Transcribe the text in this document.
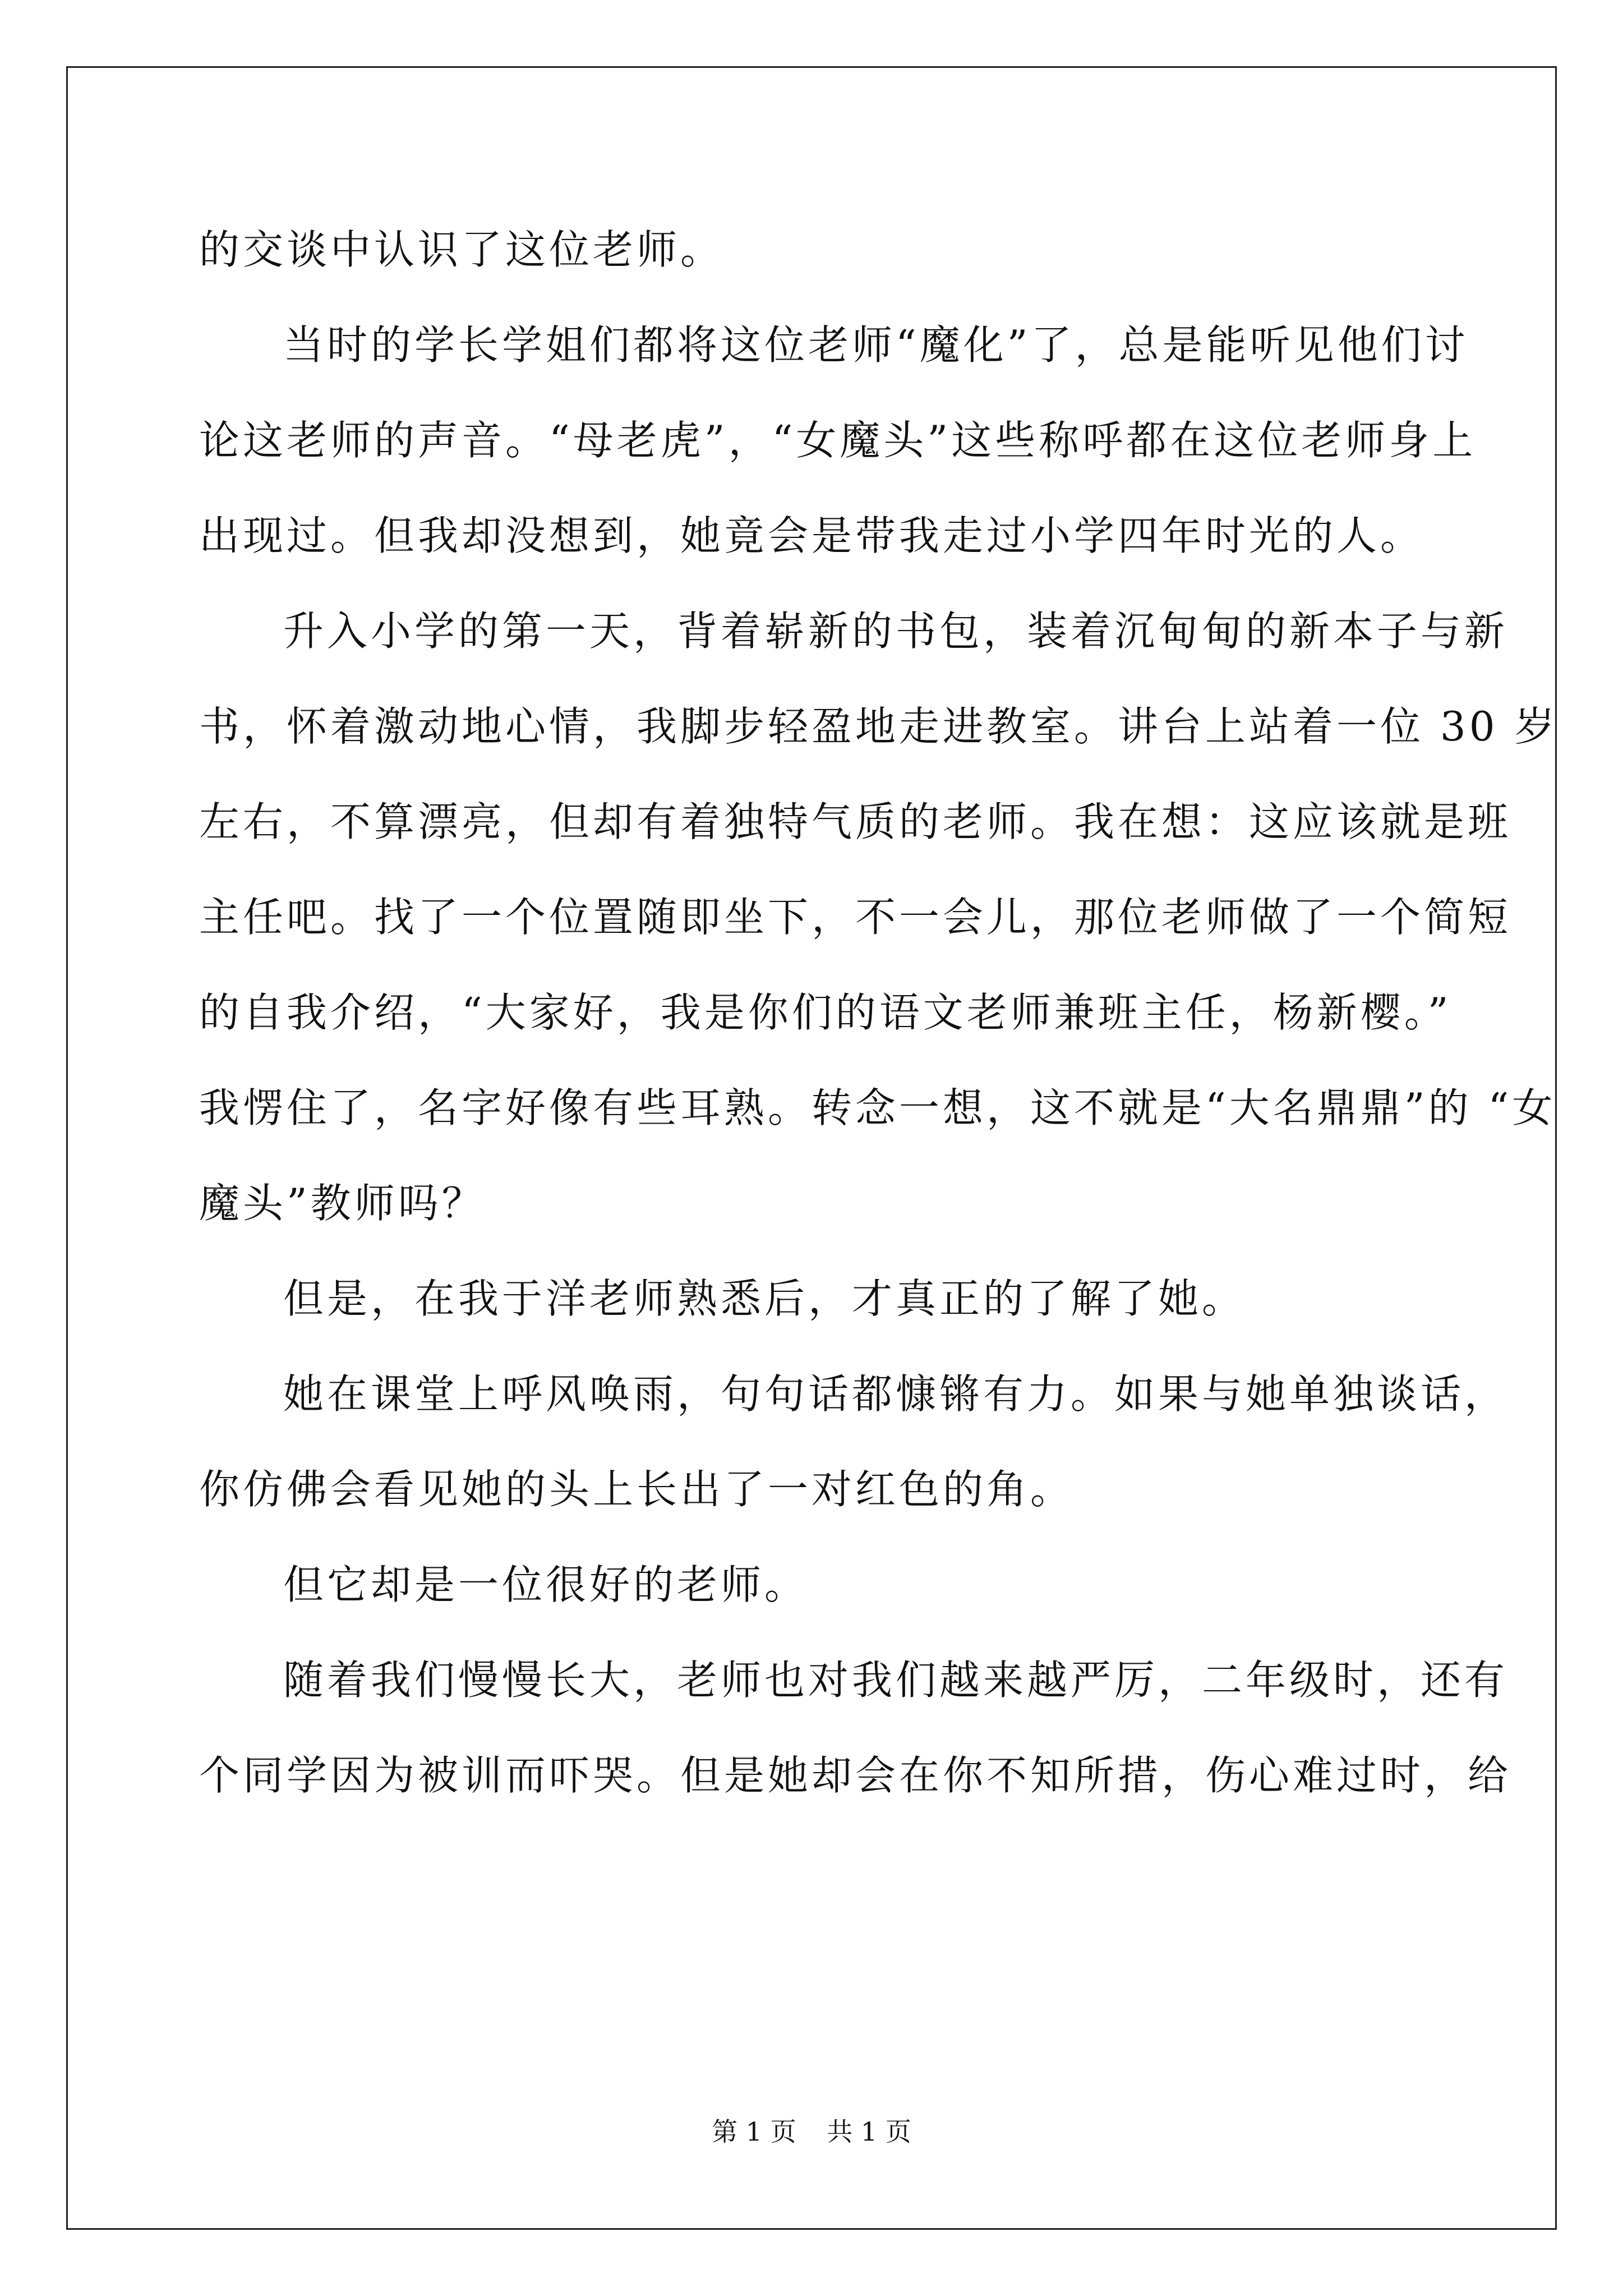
的交谈中认识了这位老师。
当时的学长学姐们都将这位老师“魔化”了，总是能听见他们讨
论这老师的声音。“母老虎”，“女魔头”这些称呼都在这位老师身上
出现过。但我却没想到，她竟会是带我走过小学四年时光的人。
升入小学的第一天，背着崭新的书包，装着沉甸甸的新本子与新
书，怀着激动地心情，我脚步轻盈地走进教室。讲台上站着一位 30 岁
左右，不算漂亮，但却有着独特气质的老师。我在想：这应该就是班
主任吧。找了一个位置随即坐下，不一会儿，那位老师做了一个简短
的自我介绍，“大家好，我是你们的语文老师兼班主任，杨新樱。”
我愣住了，名字好像有些耳熟。转念一想，这不就是“大名鼎鼎”的 “女
魔头”教师吗？
但是，在我于洋老师熟悉后，才真正的了解了她。
她在课堂上呼风唤雨，句句话都慷锵有力。如果与她单独谈话，
你仿佛会看见她的头上长出了一对红色的角。
但它却是一位很好的老师。
随着我们慢慢长大，老师也对我们越来越严厉，二年级时，还有
个同学因为被训而吓哭。但是她却会在你不知所措，伤心难过时，给
第 1 页 共 1 页
